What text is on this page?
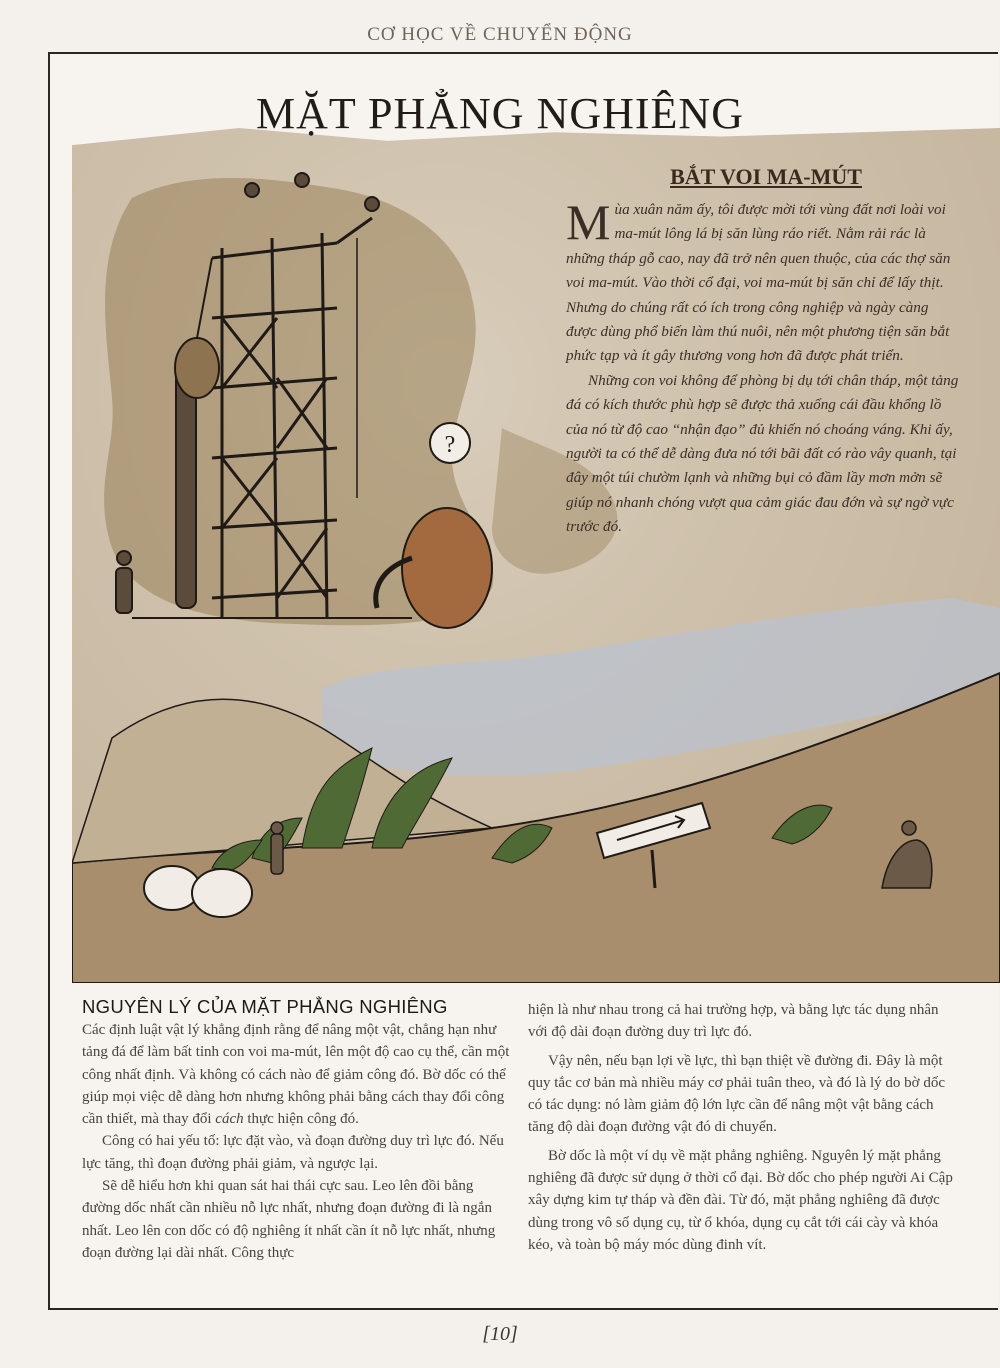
CƠ HỌC VỀ CHUYỂN ĐỘNG
?
MẶT PHẲNG NGHIÊNG
BẮT VOI MA-MÚT

Mùa xuân năm ấy, tôi được mời tới vùng đất nơi loài voi ma-mút lông lá bị săn lùng ráo riết. Nằm rải rác là những tháp gỗ cao, nay đã trở nên quen thuộc, của các thợ săn voi ma-mút. Vào thời cổ đại, voi ma-mút bị săn chỉ để lấy thịt. Nhưng do chúng rất có ích trong công nghiệp và ngày càng được dùng phổ biến làm thú nuôi, nên một phương tiện săn bắt phức tạp và ít gây thương vong hơn đã được phát triển.

Những con voi không để phòng bị dụ tới chân tháp, một tảng đá có kích thước phù hợp sẽ được thả xuống cái đầu khổng lồ của nó từ độ cao “nhận đạo” đủ khiến nó choáng váng. Khi ấy, người ta có thể dễ dàng đưa nó tới bãi đất có rào vây quanh, tại đây một túi chườm lạnh và những bụi cỏ đầm lầy mơn mởn sẽ giúp nó nhanh chóng vượt qua cảm giác đau đớn và sự ngờ vực trước đó.

NGUYÊN LÝ CỦA MẶT PHẲNG NGHIÊNG

Các định luật vật lý khẳng định rằng để nâng một vật, chẳng hạn như tảng đá để làm bất tỉnh con voi ma-mút, lên một độ cao cụ thể, cần một công nhất định. Và không có cách nào để giảm công đó. Bờ dốc có thể giúp mọi việc dễ dàng hơn nhưng không phải bằng cách thay đổi công cần thiết, mà thay đổi cách thực hiện công đó.

Công có hai yếu tố: lực đặt vào, và đoạn đường duy trì lực đó. Nếu lực tăng, thì đoạn đường phải giảm, và ngược lại.

Sẽ dễ hiểu hơn khi quan sát hai thái cực sau. Leo lên đồi bằng đường dốc nhất cần nhiều nỗ lực nhất, nhưng đoạn đường đi là ngắn nhất. Leo lên con dốc có độ nghiêng ít nhất cần ít nỗ lực nhất, nhưng đoạn đường lại dài nhất. Công thực

hiện là như nhau trong cả hai trường hợp, và bằng lực tác dụng nhân với độ dài đoạn đường duy trì lực đó.

Vậy nên, nếu bạn lợi về lực, thì bạn thiệt về đường đi. Đây là một quy tắc cơ bản mà nhiều máy cơ phải tuân theo, và đó là lý do bờ dốc có tác dụng: nó làm giảm độ lớn lực cần để nâng một vật bằng cách tăng độ dài đoạn đường vật đó di chuyển.

Bờ dốc là một ví dụ về mặt phẳng nghiêng. Nguyên lý mặt phẳng nghiêng đã được sử dụng ở thời cổ đại. Bờ dốc cho phép người Ai Cập xây dựng kim tự tháp và đền đài. Từ đó, mặt phẳng nghiêng đã được dùng trong vô số dụng cụ, từ ổ khóa, dụng cụ cắt tới cái cày và khóa kéo, và toàn bộ máy móc dùng đinh vít.

[10]
